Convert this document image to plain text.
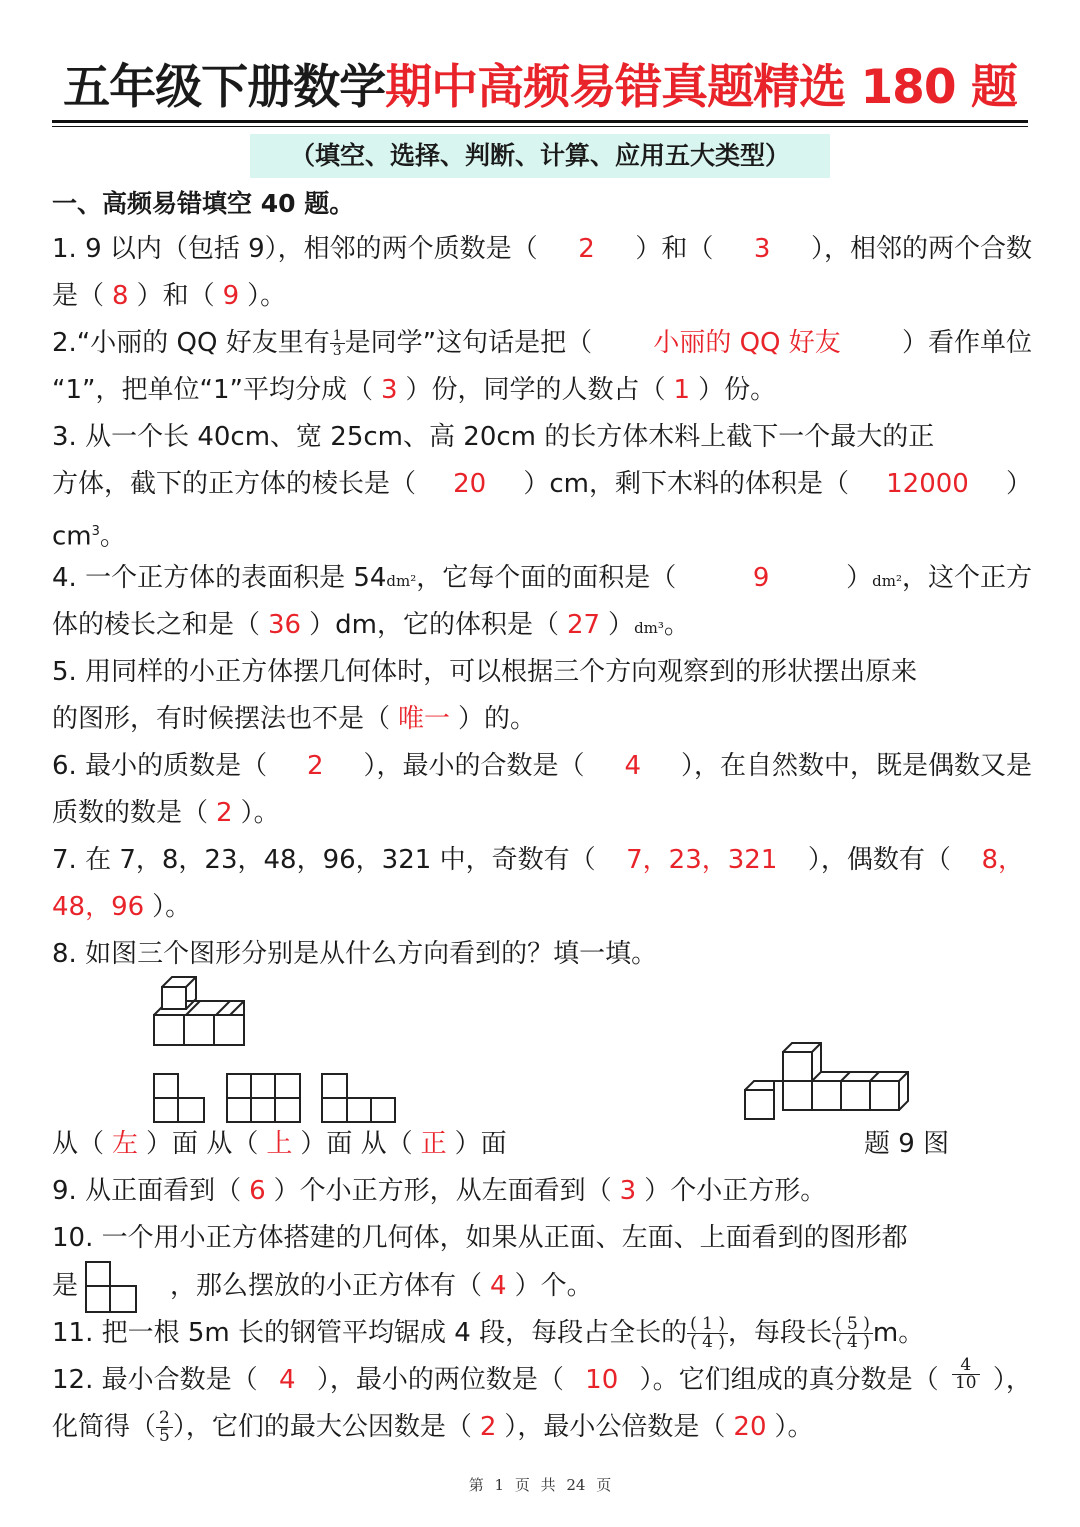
五年级下册数学期中高频易错真题精选 180 题
（填空、选择、判断、计算、应用五大类型）
一、高频易错填空 40 题。
1. 9 以内（包括 9），相邻的两个质数是（	2	）和（	3	），相邻的两个合数
是（ 8 ）和（ 9 ）。
2.“小丽的 QQ 好友里有 $\frac{1}{3}$ 是同学”这句话是把（	小丽的 QQ 好友	）看作单位
“1”，把单位“1”平均分成（ 3 ）份，同学的人数占（ 1 ）份。
3. 从一个长 40cm、宽 25cm、高 20cm 的长方体木料上截下一个最大的正
方体，截下的正方体的棱长是（	20	）cm，剩下木料的体积是（	12000	）
$cm^3$。
4. 一个正方体的表面积是 54dm²，它每个面的面积是（	9	）dm²，这个正方
体的棱长之和是（ 36 ）dm，它的体积是（ 27 ）dm³。
5. 用同样的小正方体摆几何体时，可以根据三个方向观察到的形状摆出原来
的图形，有时候摆法也不是（ 唯一 ）的。
6. 最小的质数是（	2	），最小的合数是（	4	），在自然数中，既是偶数又是
质数的数是（ 2 ）。
7. 在 7，8，23，48，96，321 中，奇数有（	7，23，321	），偶数有（	8，
48，96 ）。
8. 如图三个图形分别是从什么方向看到的？填一填。
从（ 左 ）面 从（ 上 ）面 从（ 正 ）面	题 9 图
9. 从正面看到（ 6 ）个小正方形，从左面看到（ 3 ）个小正方形。
10. 一个用小正方体搭建的几何体，如果从正面、左面、上面看到的图形都
是	，那么摆放的小正方体有（ 4 ）个。
11. 把一根 5m 长的钢管平均锯成 4 段，每段占全长的 $\frac{( 1 )}{( 4 )}$ ，每段长 $\frac{( 5 )}{( 4 )}$ m。
12. 最小合数是（ 4 ），最小的两位数是（ 10 ）。它们组成的真分数是（ $\frac{4}{10}$ ），
化简得（ $\frac{2}{5}$ ），它们的最大公因数是（ 2 ），最小公倍数是（ 20 ）。
第 1 页 共 24 页
